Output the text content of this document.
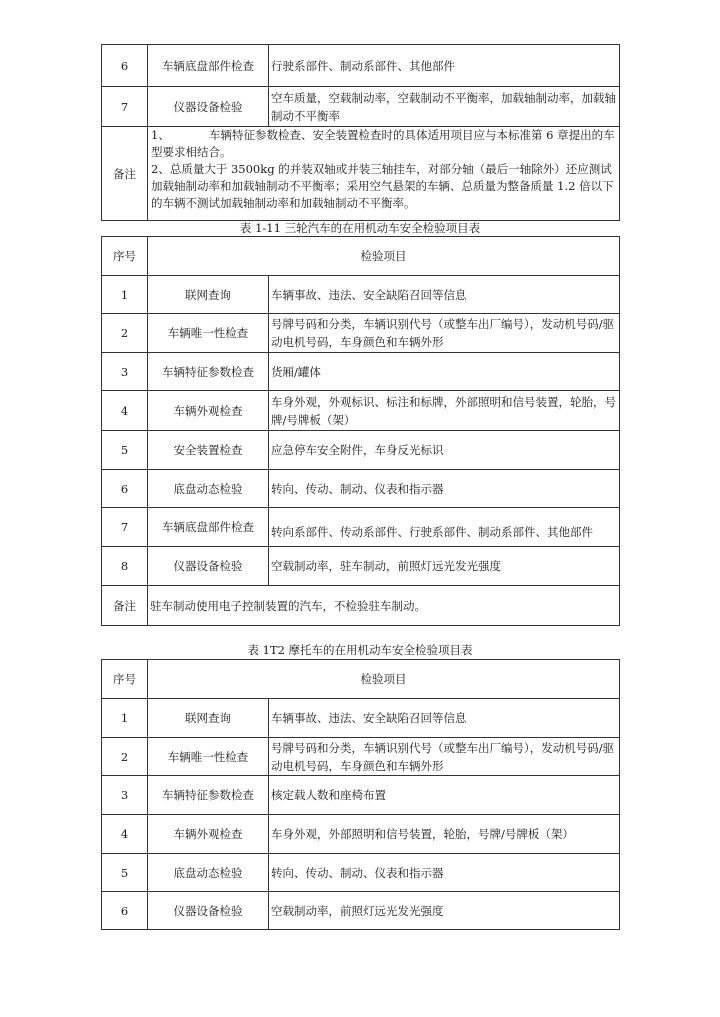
6	车辆底盘部件检查	行驶系部件、制动系部件、其他部件
7	仪器设备检验	空车质量，空载制动率，空载制动不平衡率，加载轴制动率，加载轴制动不平衡率
备注	1、 车辆特征参数检查、安全装置检查时的具体适用项目应与本标准第 6 章提出的车型要求相结合。
2、总质量大于 3500kg 的并装双轴或并装三轴挂车，对部分轴（最后一轴除外）还应测试加载轴制动率和加载轴制动不平衡率；采用空气悬架的车辆、总质量为整备质量 1.2 倍以下的车辆不测试加载轴制动率和加载轴制动不平衡率。	
表 1-11 三轮汽车的在用机动车安全检验项目表
序号	检验项目	
1	联网查询	车辆事故、违法、安全缺陷召回等信息
2	车辆唯一性检查	号牌号码和分类，车辆识别代号（或整车出厂编号），发动机号码/驱动电机号码，车身颜色和车辆外形
3	车辆特征参数检查	货厢/罐体
4	车辆外观检查	车身外观，外观标识、标注和标牌，外部照明和信号装置，轮胎，号牌/号牌板（架）
5	安全装置检查	应急停车安全附件，车身反光标识
6	底盘动态检验	转向、传动、制动、仪表和指示器
7	车辆底盘部件检查	转向系部件、传动系部件、行驶系部件、制动系部件、其他部件

8	仪器设备检验	空载制动率，驻车制动，前照灯远光发光强度
备注	驻车制动使用电子控制装置的汽车，不检验驻车制动。	
表 1T2 摩托车的在用机动车安全检验项目表
序号	检验项目	
1	联网查询	车辆事故、违法、安全缺陷召回等信息
2	车辆唯一性检查	号牌号码和分类，车辆识别代号（或整车出厂编号），发动机号码/驱动电机号码，车身颜色和车辆外形
3	车辆特征参数检查	核定载人数和座椅布置
4	车辆外观检查	车身外观，外部照明和信号装置，轮胎，号牌/号牌板（架）
5	底盘动态检验	转向、传动、制动、仪表和指示器
6	仪器设备检验	空载制动率，前照灯远光发光强度
